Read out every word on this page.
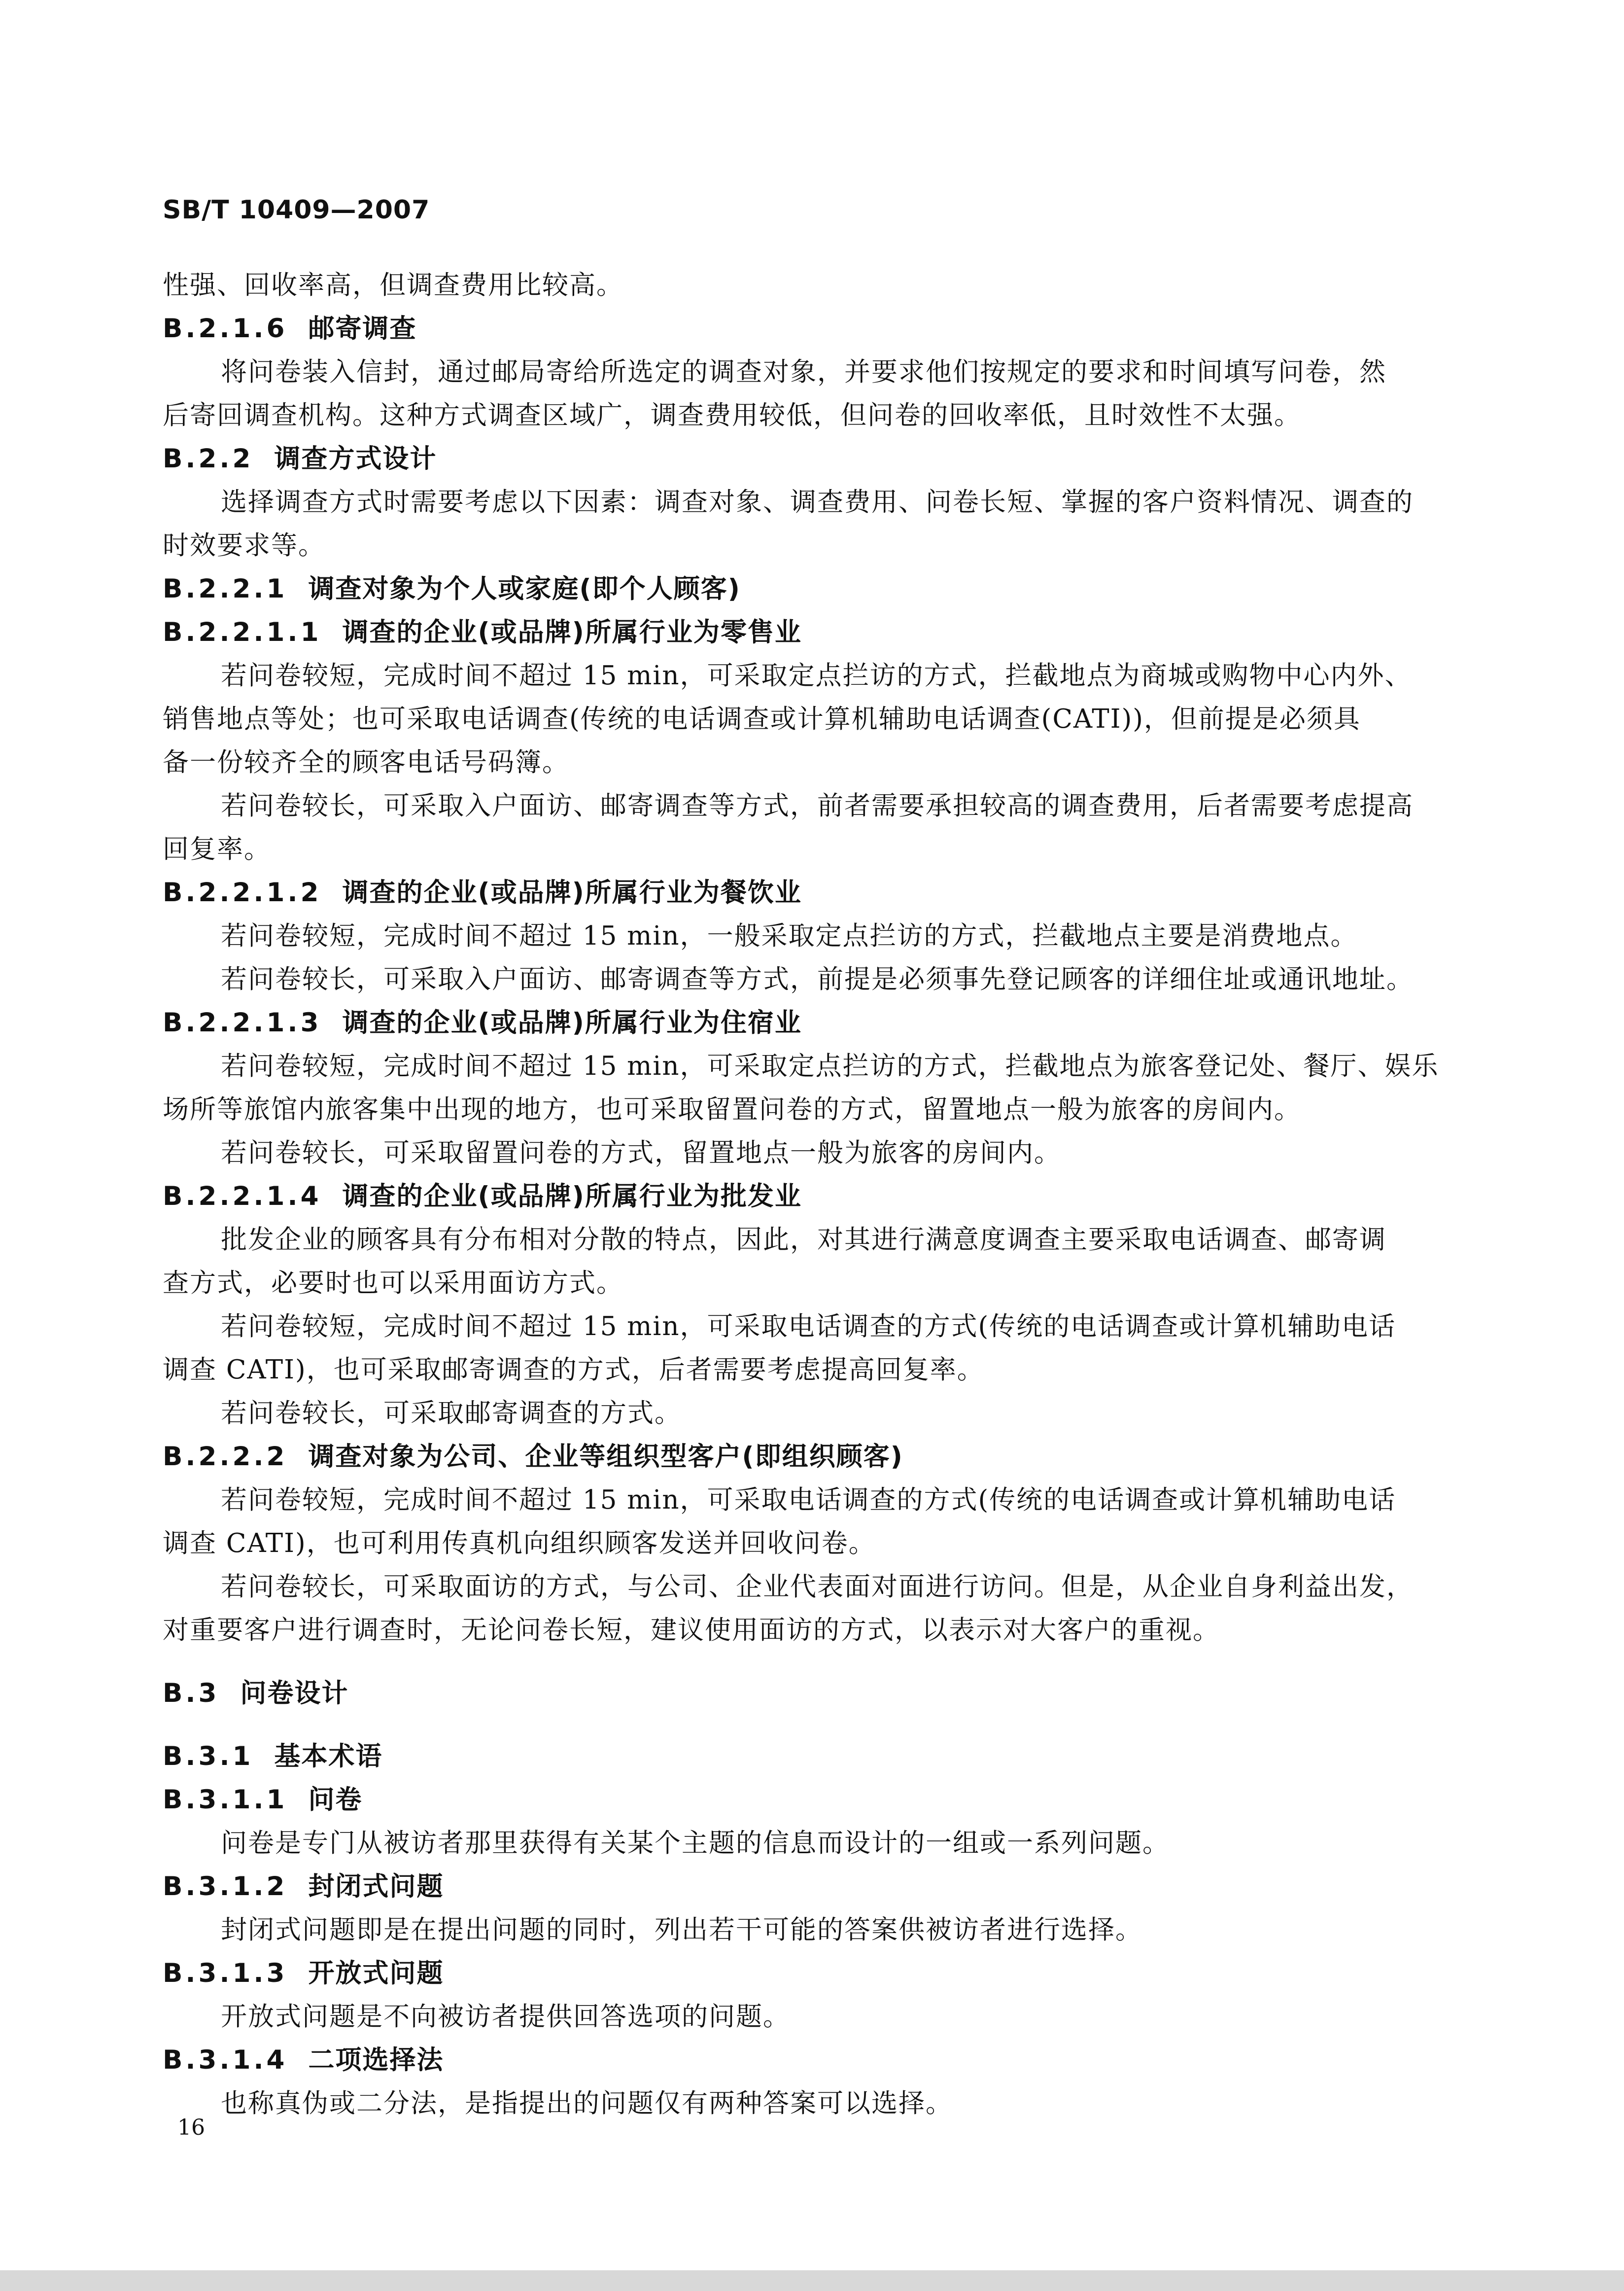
SB/T 10409—2007
性强、回收率高，但调查费用比较高。
B.2.1.6 邮寄调查
将问卷装入信封，通过邮局寄给所选定的调查对象，并要求他们按规定的要求和时间填写问卷，然
后寄回调查机构。这种方式调查区域广，调查费用较低，但问卷的回收率低，且时效性不太强。
B.2.2 调查方式设计
选择调查方式时需要考虑以下因素：调查对象、调查费用、问卷长短、掌握的客户资料情况、调查的
时效要求等。
B.2.2.1 调查对象为个人或家庭(即个人顾客)
B.2.2.1.1 调查的企业(或品牌)所属行业为零售业
若问卷较短，完成时间不超过 15 min，可采取定点拦访的方式，拦截地点为商城或购物中心内外、
销售地点等处；也可采取电话调查(传统的电话调查或计算机辅助电话调查(CATI))，但前提是必须具
备一份较齐全的顾客电话号码簿。
若问卷较长，可采取入户面访、邮寄调查等方式，前者需要承担较高的调查费用，后者需要考虑提高
回复率。
B.2.2.1.2 调查的企业(或品牌)所属行业为餐饮业
若问卷较短，完成时间不超过 15 min，一般采取定点拦访的方式，拦截地点主要是消费地点。
若问卷较长，可采取入户面访、邮寄调查等方式，前提是必须事先登记顾客的详细住址或通讯地址。
B.2.2.1.3 调查的企业(或品牌)所属行业为住宿业
若问卷较短，完成时间不超过 15 min，可采取定点拦访的方式，拦截地点为旅客登记处、餐厅、娱乐
场所等旅馆内旅客集中出现的地方，也可采取留置问卷的方式，留置地点一般为旅客的房间内。
若问卷较长，可采取留置问卷的方式，留置地点一般为旅客的房间内。
B.2.2.1.4 调查的企业(或品牌)所属行业为批发业
批发企业的顾客具有分布相对分散的特点，因此，对其进行满意度调查主要采取电话调查、邮寄调
查方式，必要时也可以采用面访方式。
若问卷较短，完成时间不超过 15 min，可采取电话调查的方式(传统的电话调查或计算机辅助电话
调查 CATI)，也可采取邮寄调查的方式，后者需要考虑提高回复率。
若问卷较长，可采取邮寄调查的方式。
B.2.2.2 调查对象为公司、企业等组织型客户(即组织顾客)
若问卷较短，完成时间不超过 15 min，可采取电话调查的方式(传统的电话调查或计算机辅助电话
调查 CATI)，也可利用传真机向组织顾客发送并回收问卷。
若问卷较长，可采取面访的方式，与公司、企业代表面对面进行访问。但是，从企业自身利益出发，
对重要客户进行调查时，无论问卷长短，建议使用面访的方式，以表示对大客户的重视。
B.3 问卷设计
B.3.1 基本术语
B.3.1.1 问卷
问卷是专门从被访者那里获得有关某个主题的信息而设计的一组或一系列问题。
B.3.1.2 封闭式问题
封闭式问题即是在提出问题的同时，列出若干可能的答案供被访者进行选择。
B.3.1.3 开放式问题
开放式问题是不向被访者提供回答选项的问题。
B.3.1.4 二项选择法
也称真伪或二分法，是指提出的问题仅有两种答案可以选择。
16
